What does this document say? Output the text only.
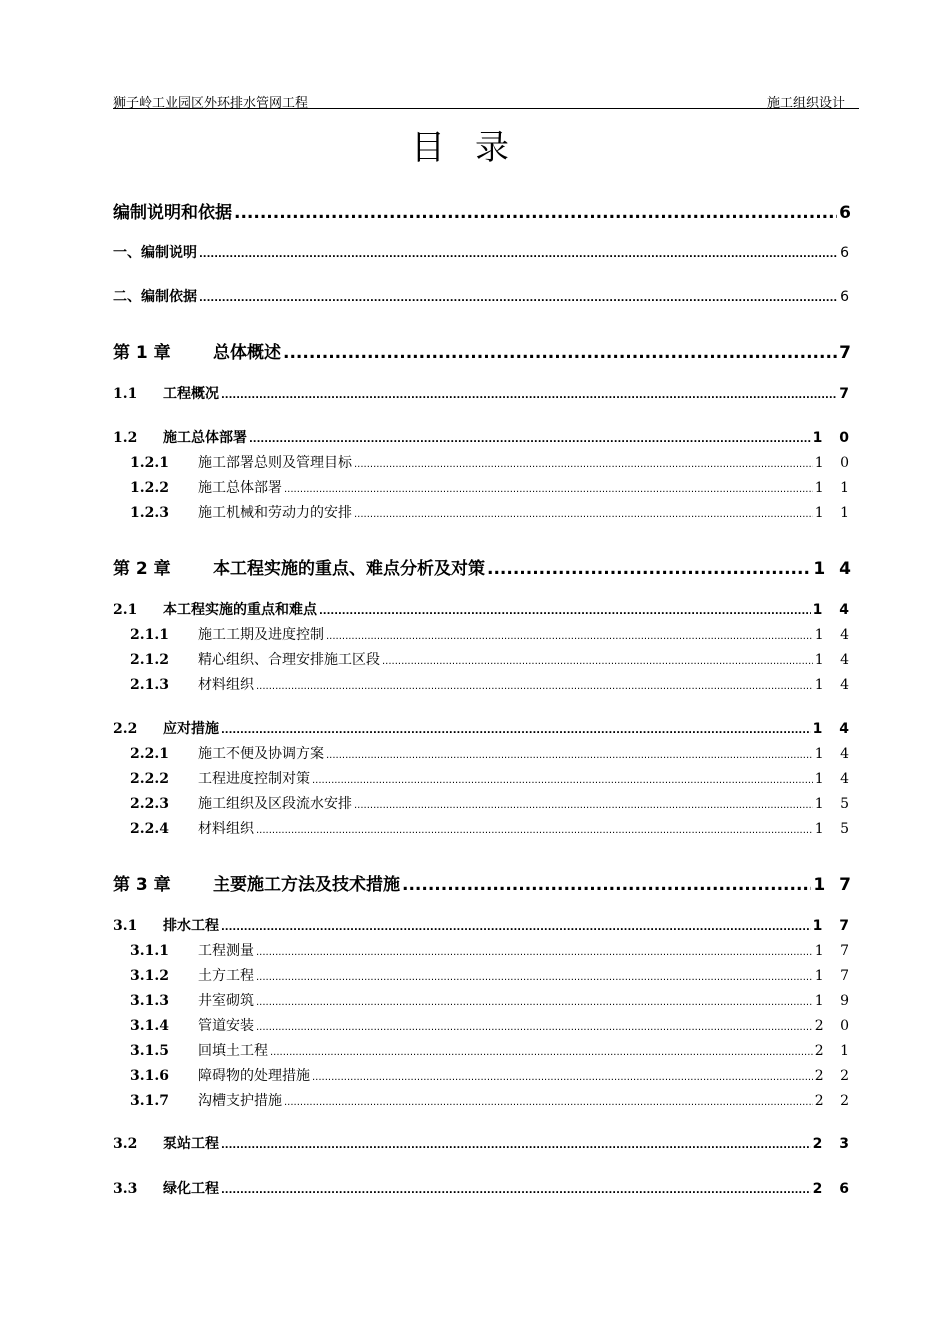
狮子岭工业园区外环排水管网工程	施工组织设计
目录
编制说明和依据 .....	6
一、编制说明 .....	6
二、编制依据 .....	6
第 1 章	总体概述 .....	7
1.1	工程概况 .....	7
1.2	施工总体部署 .....	1 0
1.2.1	施工部署总则及管理目标 .....	1 0
1.2.2	施工总体部署 .....	1 1
1.2.3	施工机械和劳动力的安排 .....	1 1
第 2 章	本工程实施的重点、难点分析及对策 .....	1 4
2.1	本工程实施的重点和难点 .....	1 4
2.1.1	施工工期及进度控制 .....	1 4
2.1.2	精心组织、合理安排施工区段 .....	1 4
2.1.3	材料组织 .....	1 4
2.2	应对措施 .....	1 4
2.2.1	施工不便及协调方案 .....	1 4
2.2.2	工程进度控制对策 .....	1 4
2.2.3	施工组织及区段流水安排 .....	1 5
2.2.4	材料组织 .....	1 5
第 3 章	主要施工方法及技术措施 .....	1 7
3.1	排水工程 .....	1 7
3.1.1	工程测量 .....	1 7
3.1.2	土方工程 .....	1 7
3.1.3	井室砌筑 .....	1 9
3.1.4	管道安装 .....	2 0
3.1.5	回填土工程 .....	2 1
3.1.6	障碍物的处理措施 .....	2 2
3.1.7	沟槽支护措施 .....	2 2
3.2	泵站工程 .....	2 3
3.3	绿化工程 .....	2 6
